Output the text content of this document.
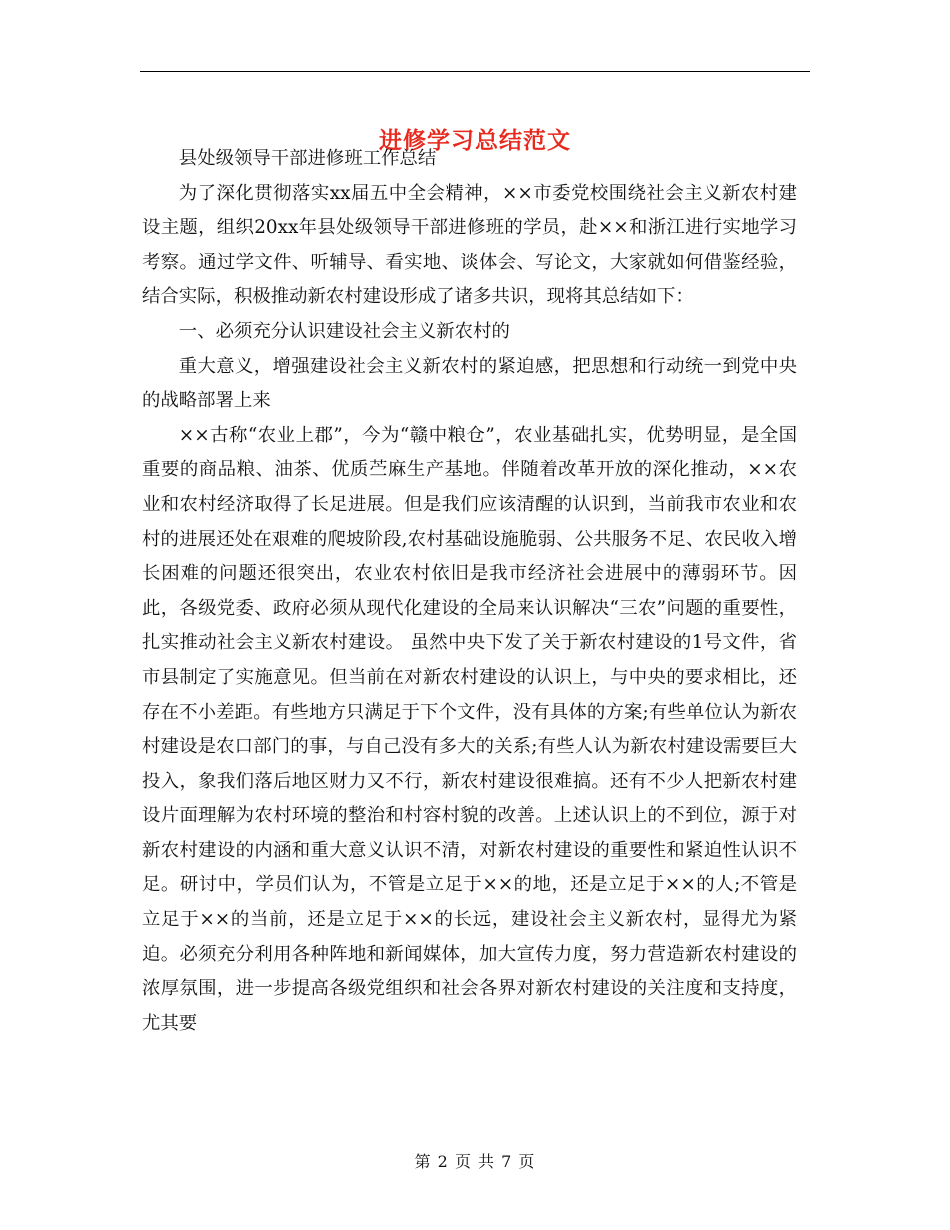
进修学习总结范文

县处级领导干部进修班工作总结

为了深化贯彻落实xx届五中全会精神，××市委党校围绕社会主义新农村建设主题，组织20xx年县处级领导干部进修班的学员，赴××和浙江进行实地学习考察。通过学文件、听辅导、看实地、谈体会、写论文，大家就如何借鉴经验，结合实际，积极推动新农村建设形成了诸多共识，现将其总结如下：

一、必须充分认识建设社会主义新农村的

重大意义，增强建设社会主义新农村的紧迫感，把思想和行动统一到党中央的战略部署上来

××古称“农业上郡”，今为“赣中粮仓”，农业基础扎实，优势明显，是全国重要的商品粮、油茶、优质苎麻生产基地。伴随着改革开放的深化推动，××农业和农村经济取得了长足进展。但是我们应该清醒的认识到，当前我市农业和农村的进展还处在艰难的爬坡阶段,农村基础设施脆弱、公共服务不足、农民收入增长困难的问题还很突出，农业农村依旧是我市经济社会进展中的薄弱环节。因此，各级党委、政府必须从现代化建设的全局来认识解决“三农”问题的重要性，扎实推动社会主义新农村建设。 虽然中央下发了关于新农村建设的1号文件，省市县制定了实施意见。但当前在对新农村建设的认识上，与中央的要求相比，还存在不小差距。有些地方只满足于下个文件，没有具体的方案;有些单位认为新农村建设是农口部门的事，与自己没有多大的关系;有些人认为新农村建设需要巨大投入，象我们落后地区财力又不行，新农村建设很难搞。还有不少人把新农村建设片面理解为农村环境的整治和村容村貌的改善。上述认识上的不到位，源于对新农村建设的内涵和重大意义认识不清，对新农村建设的重要性和紧迫性认识不足。研讨中，学员们认为，不管是立足于××的地，还是立足于××的人;不管是立足于××的当前，还是立足于××的长远，建设社会主义新农村，显得尤为紧迫。必须充分利用各种阵地和新闻媒体，加大宣传力度，努力营造新农村建设的浓厚氛围，进一步提高各级党组织和社会各界对新农村建设的关注度和支持度，尤其要

第 2 页 共 7 页
